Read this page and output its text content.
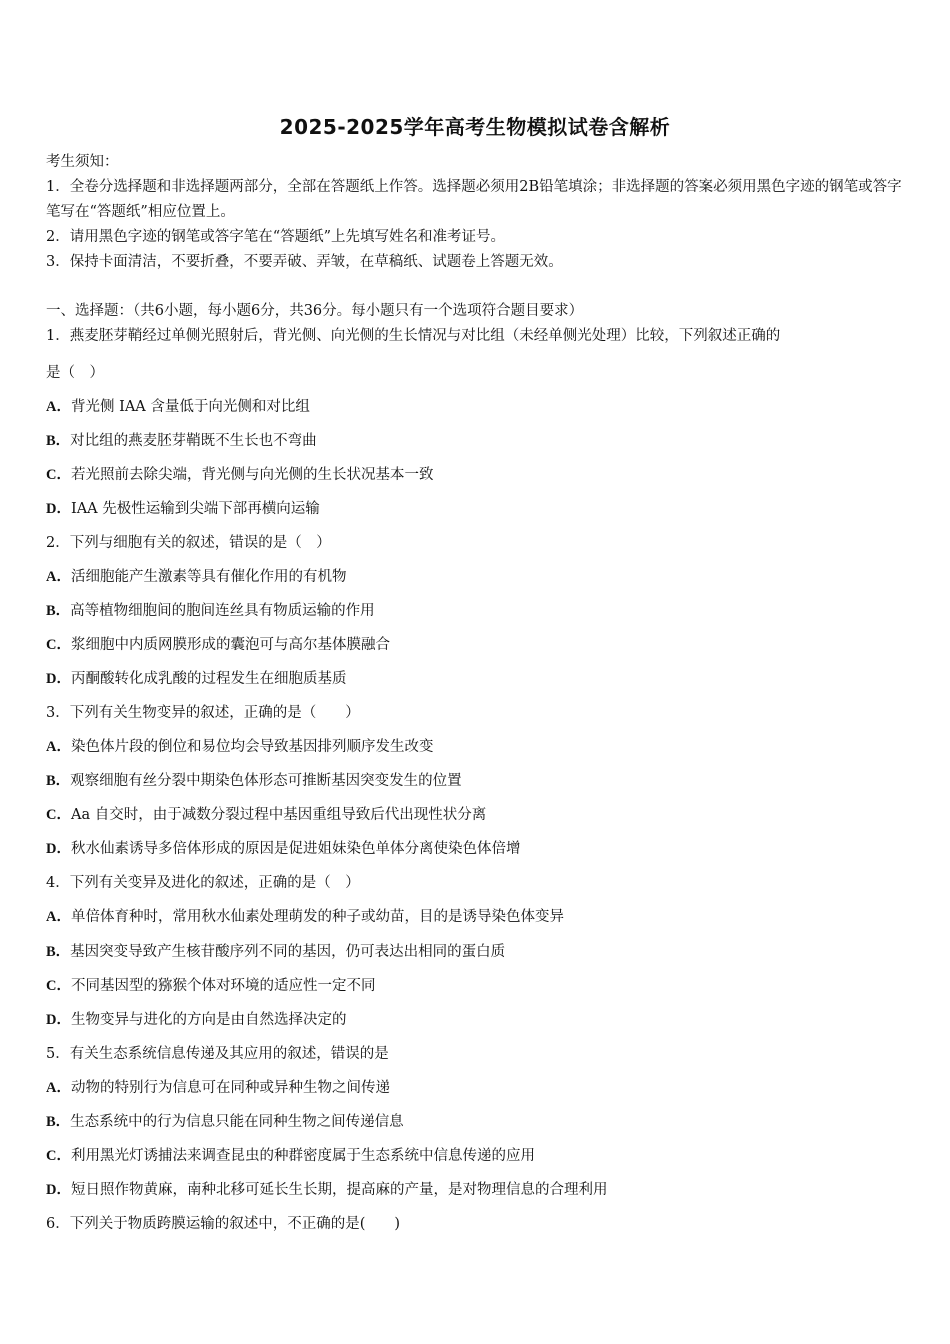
2025-2025学年高考生物模拟试卷含解析

考生须知：

1．全卷分选择题和非选择题两部分，全部在答题纸上作答。选择题必须用2B铅笔填涂；非选择题的答案必须用黑色字迹的钢笔或答字笔写在“答题纸”相应位置上。

2．请用黑色字迹的钢笔或答字笔在“答题纸”上先填写姓名和准考证号。

3．保持卡面清洁，不要折叠，不要弄破、弄皱，在草稿纸、试题卷上答题无效。

一、选择题：（共6小题，每小题6分，共36分。每小题只有一个选项符合题目要求）

1．燕麦胚芽鞘经过单侧光照射后，背光侧、向光侧的生长情况与对比组（未经单侧光处理）比较，下列叙述正确的

是（　）

A．背光侧 IAA 含量低于向光侧和对比组

B．对比组的燕麦胚芽鞘既不生长也不弯曲

C．若光照前去除尖端，背光侧与向光侧的生长状况基本一致

D．IAA 先极性运输到尖端下部再横向运输

2．下列与细胞有关的叙述，错误的是（　）

A．活细胞能产生激素等具有催化作用的有机物

B．高等植物细胞间的胞间连丝具有物质运输的作用

C．浆细胞中内质网膜形成的囊泡可与高尔基体膜融合

D．丙酮酸转化成乳酸的过程发生在细胞质基质

3．下列有关生物变异的叙述，正确的是（　　）

A．染色体片段的倒位和易位均会导致基因排列顺序发生改变

B．观察细胞有丝分裂中期染色体形态可推断基因突变发生的位置

C．Aa 自交时，由于减数分裂过程中基因重组导致后代出现性状分离

D．秋水仙素诱导多倍体形成的原因是促进姐妹染色单体分离使染色体倍增

4．下列有关变异及进化的叙述，正确的是（　）

A．单倍体育种时，常用秋水仙素处理萌发的种子或幼苗，目的是诱导染色体变异

B．基因突变导致产生核苷酸序列不同的基因，仍可表达出相同的蛋白质

C．不同基因型的猕猴个体对环境的适应性一定不同

D．生物变异与进化的方向是由自然选择决定的

5．有关生态系统信息传递及其应用的叙述，错误的是

A．动物的特别行为信息可在同种或异种生物之间传递

B．生态系统中的行为信息只能在同种生物之间传递信息

C．利用黑光灯诱捕法来调查昆虫的种群密度属于生态系统中信息传递的应用

D．短日照作物黄麻，南种北移可延长生长期，提高麻的产量，是对物理信息的合理利用

6．下列关于物质跨膜运输的叙述中，不正确的是(　　)
